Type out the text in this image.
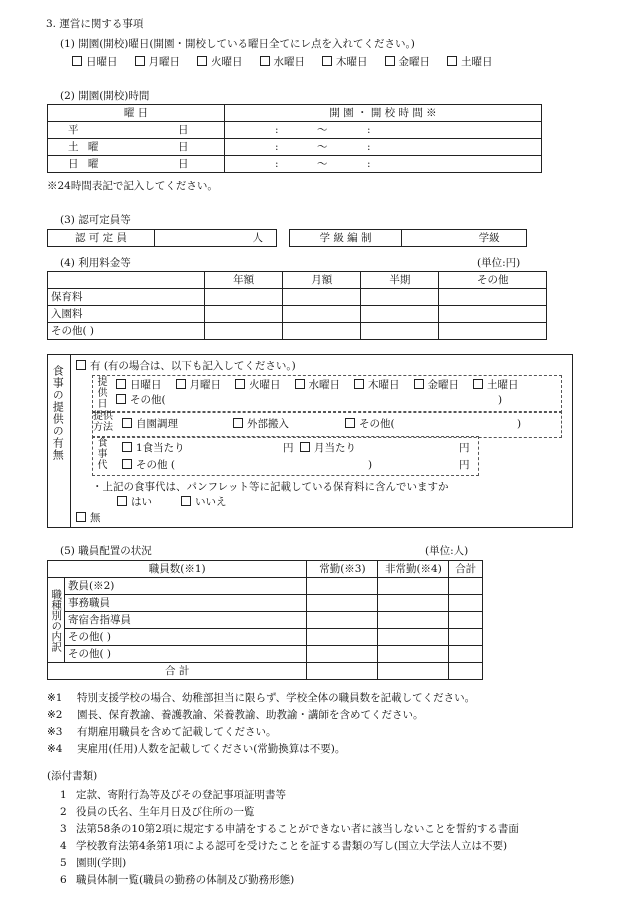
3. 運営に関する事項
(1) 開園(開校)曜日(開園・開校している曜日全てにレ点を入れてください。)
日曜日	月曜日	火曜日	水曜日	木曜日	金曜日	土曜日
(2) 開園(開校)時間
曜 日	開 園 ・ 開 校 時 間 ※
平 日	: 〜 :
土 曜 日	: 〜 :
日 曜 日	: 〜 :
※24時間表記で記入してください。
(3) 認可定員等
認 可 定 員	人	学 級 編 制	学級
(4) 利用料金等	(単位:円)
	年額	月額	半期	その他
保育料				
入園料				
その他( )				
食事の提供の有無	有 (有の場合は、以下も記入してください。)
提供日	日曜日	月曜日	火曜日	水曜日	木曜日	金曜日	土曜日
その他(	)
提供方法	自園調理	外部搬入	その他(	)
食事代	1食当たり	円	月当たり	円
その他 (	)	円
・上記の食事代は、パンフレット等に記載している保育料に含んでいますか
はい	いいえ
無
(5) 職員配置の状況	(単位:人)
職員数(※1)		常勤(※3)	非常勤(※4)	合計

職種別の内訳	教員(※2)			
	事務職員			
	寄宿舎指導員			
	その他( )			
	その他( )			
合 計				
※1 特別支援学校の場合、幼稚部担当に限らず、学校全体の職員数を記載してください。
※2 園長、保育教諭、養護教諭、栄養教諭、助教諭・講師を含めてください。
※3 有期雇用職員を含めて記載してください。
※4 実雇用(任用)人数を記載してください(常勤換算は不要)。
(添付書類)
1 定款、寄附行為等及びその登記事項証明書等
2 役員の氏名、生年月日及び住所の一覧
3 法第58条の10第2項に規定する申請をすることができない者に該当しないことを誓約する書面
4 学校教育法第4条第1項による認可を受けたことを証する書類の写し(国立大学法人立は不要)
5 園則(学則)
6 職員体制一覧(職員の勤務の体制及び勤務形態)
